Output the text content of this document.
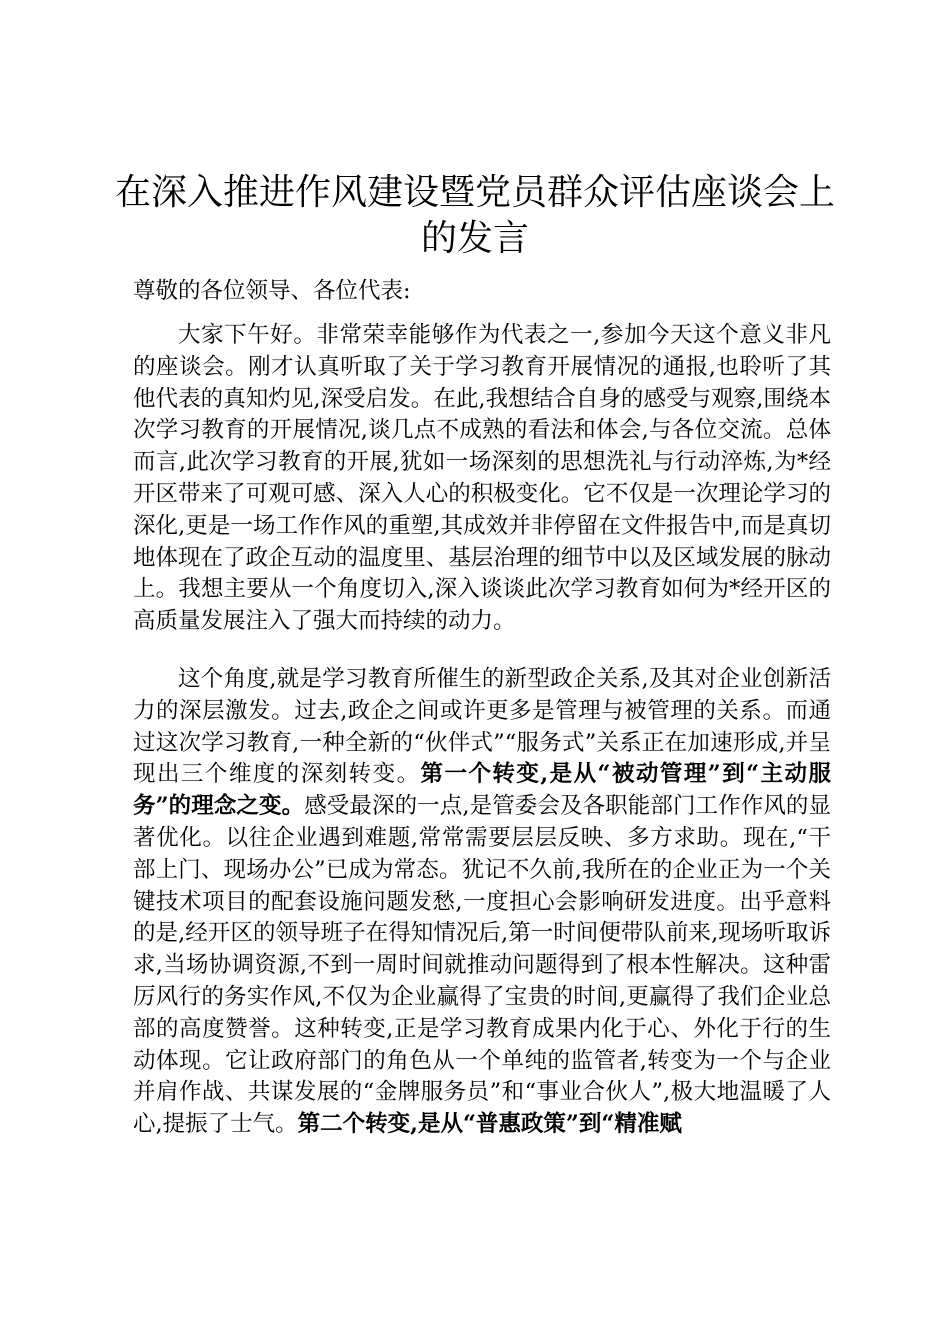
在深入推进作风建设暨党员群众评估座谈会上的发言

尊敬的各位领导、各位代表:

大家下午好。非常荣幸能够作为代表之一,参加今天这个意义非凡的座谈会。刚才认真听取了关于学习教育开展情况的通报,也聆听了其他代表的真知灼见,深受启发。在此,我想结合自身的感受与观察,围绕本次学习教育的开展情况,谈几点不成熟的看法和体会,与各位交流。总体而言,此次学习教育的开展,犹如一场深刻的思想洗礼与行动淬炼,为*经开区带来了可观可感、深入人心的积极变化。它不仅是一次理论学习的深化,更是一场工作作风的重塑,其成效并非停留在文件报告中,而是真切地体现在了政企互动的温度里、基层治理的细节中以及区域发展的脉动上。我想主要从一个角度切入,深入谈谈此次学习教育如何为*经开区的高质量发展注入了强大而持续的动力。

这个角度,就是学习教育所催生的新型政企关系,及其对企业创新活力的深层激发。过去,政企之间或许更多是管理与被管理的关系。而通过这次学习教育,一种全新的“伙伴式”“服务式”关系正在加速形成,并呈现出三个维度的深刻转变。第一个转变,是从“被动管理”到“主动服务”的理念之变。感受最深的一点,是管委会及各职能部门工作作风的显著优化。以往企业遇到难题,常常需要层层反映、多方求助。现在,“干部上门、现场办公”已成为常态。犹记不久前,我所在的企业正为一个关键技术项目的配套设施问题发愁,一度担心会影响研发进度。出乎意料的是,经开区的领导班子在得知情况后,第一时间便带队前来,现场听取诉求,当场协调资源,不到一周时间就推动问题得到了根本性解决。这种雷厉风行的务实作风,不仅为企业赢得了宝贵的时间,更赢得了我们企业总部的高度赞誉。这种转变,正是学习教育成果内化于心、外化于行的生动体现。它让政府部门的角色从一个单纯的监管者,转变为一个与企业并肩作战、共谋发展的“金牌服务员”和“事业合伙人”,极大地温暖了人心,提振了士气。第二个转变,是从“普惠政策”到“精准赋
